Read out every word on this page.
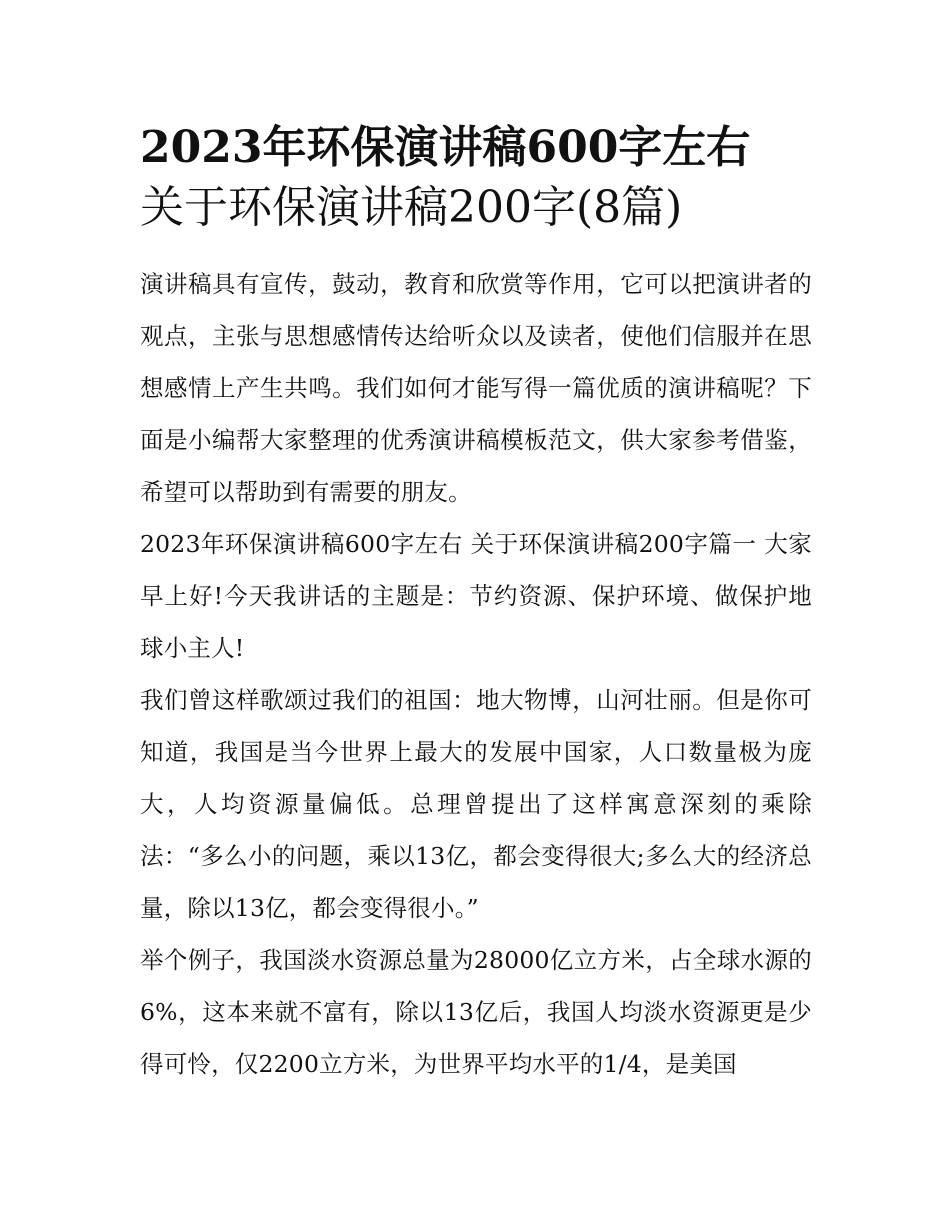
2023年环保演讲稿600字左右
关于环保演讲稿200字(8篇)

演讲稿具有宣传，鼓动，教育和欣赏等作用，它可以把演讲者的观点，主张与思想感情传达给听众以及读者，使他们信服并在思想感情上产生共鸣。我们如何才能写得一篇优质的演讲稿呢？下面是小编帮大家整理的优秀演讲稿模板范文，供大家参考借鉴，希望可以帮助到有需要的朋友。

2023年环保演讲稿600字左右 关于环保演讲稿200字篇一 大家早上好!今天我讲话的主题是：节约资源、保护环境、做保护地球小主人!

我们曾这样歌颂过我们的祖国：地大物博，山河壮丽。但是你可知道，我国是当今世界上最大的发展中国家，人口数量极为庞大，人均资源量偏低。总理曾提出了这样寓意深刻的乘除法：“多么小的问题，乘以13亿，都会变得很大;多么大的经济总量，除以13亿，都会变得很小。”

举个例子，我国淡水资源总量为28000亿立方米，占全球水源的6%，这本来就不富有，除以13亿后，我国人均淡水资源更是少得可怜，仅2200立方米，为世界平均水平的1/4，是美国
